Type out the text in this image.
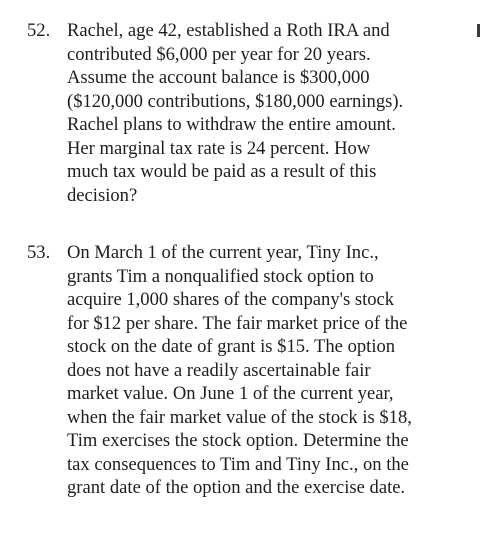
52. Rachel, age 42, established a Roth IRA and
contributed $6,000 per year for 20 years.
Assume the account balance is $300,000
($120,000 contributions, $180,000 earnings).
Rachel plans to withdraw the entire amount.
Her marginal tax rate is 24 percent. How
much tax would be paid as a result of this
decision?
53. On March 1 of the current year, Tiny Inc.,
grants Tim a nonqualified stock option to
acquire 1,000 shares of the company's stock
for $12 per share. The fair market price of the
stock on the date of grant is $15. The option
does not have a readily ascertainable fair
market value. On June 1 of the current year,
when the fair market value of the stock is $18,
Tim exercises the stock option. Determine the
tax consequences to Tim and Tiny Inc., on the
grant date of the option and the exercise date.
